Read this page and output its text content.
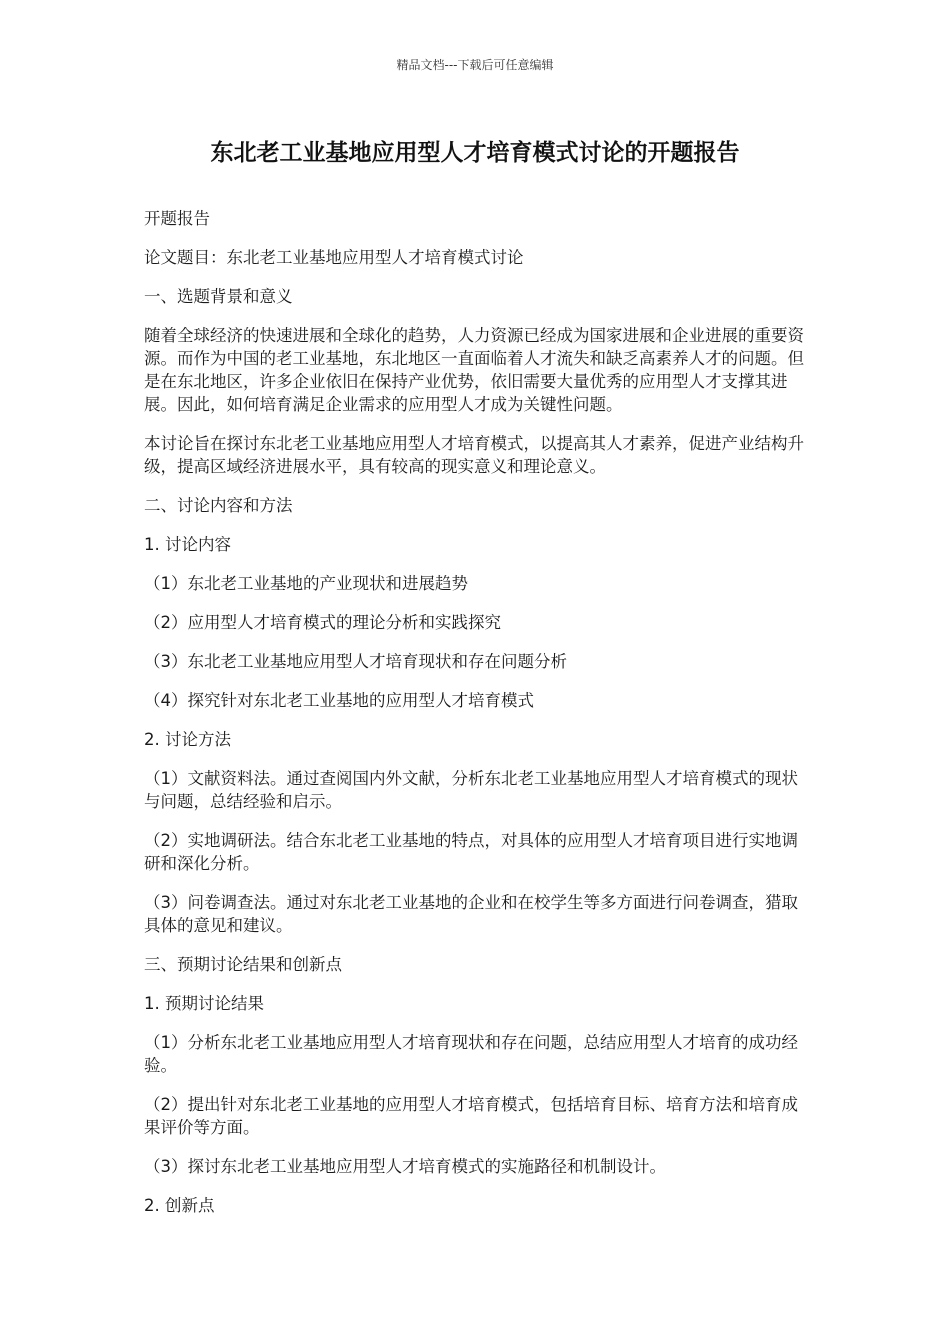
精品文档---下载后可任意编辑
东北老工业基地应用型人才培育模式讨论的开题报告

开题报告

论文题目：东北老工业基地应用型人才培育模式讨论

一、选题背景和意义

随着全球经济的快速进展和全球化的趋势，人力资源已经成为国家进展和企业进展的重要资源。而作为中国的老工业基地，东北地区一直面临着人才流失和缺乏高素养人才的问题。但是在东北地区，许多企业依旧在保持产业优势，依旧需要大量优秀的应用型人才支撑其进展。因此，如何培育满足企业需求的应用型人才成为关键性问题。

本讨论旨在探讨东北老工业基地应用型人才培育模式，以提高其人才素养，促进产业结构升级，提高区域经济进展水平，具有较高的现实意义和理论意义。

二、讨论内容和方法

1. 讨论内容

（1）东北老工业基地的产业现状和进展趋势

（2）应用型人才培育模式的理论分析和实践探究

（3）东北老工业基地应用型人才培育现状和存在问题分析

（4）探究针对东北老工业基地的应用型人才培育模式

2. 讨论方法

（1）文献资料法。通过查阅国内外文献，分析东北老工业基地应用型人才培育模式的现状与问题，总结经验和启示。

（2）实地调研法。结合东北老工业基地的特点，对具体的应用型人才培育项目进行实地调研和深化分析。

（3）问卷调查法。通过对东北老工业基地的企业和在校学生等多方面进行问卷调查，猎取具体的意见和建议。

三、预期讨论结果和创新点

1. 预期讨论结果

（1）分析东北老工业基地应用型人才培育现状和存在问题，总结应用型人才培育的成功经验。

（2）提出针对东北老工业基地的应用型人才培育模式，包括培育目标、培育方法和培育成果评价等方面。

（3）探讨东北老工业基地应用型人才培育模式的实施路径和机制设计。

2. 创新点
